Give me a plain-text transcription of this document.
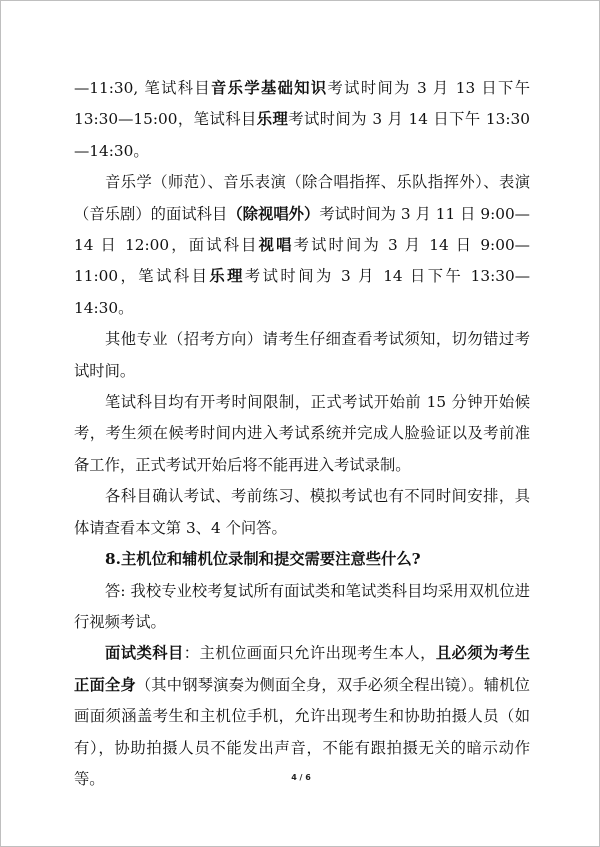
—11:30, 笔试科目音乐学基础知识考试时间为 3 月 13 日下午 13:30—15:00，笔试科目乐理考试时间为 3 月 14 日下午 13:30—14:30。

音乐学（师范）、音乐表演（除合唱指挥、乐队指挥外）、表演（音乐剧）的面试科目（除视唱外）考试时间为 3 月 11 日 9:00—14 日 12:00，面试科目视唱考试时间为 3 月 14 日 9:00—11:00，笔试科目乐理考试时间为 3 月 14 日下午 13:30—14:30。

其他专业（招考方向）请考生仔细查看考试须知，切勿错过考试时间。

笔试科目均有开考时间限制，正式考试开始前 15 分钟开始候考，考生须在候考时间内进入考试系统并完成人脸验证以及考前准备工作，正式考试开始后将不能再进入考试录制。

各科目确认考试、考前练习、模拟考试也有不同时间安排，具体请查看本文第 3、4 个问答。

8.主机位和辅机位录制和提交需要注意些什么?

答: 我校专业校考复试所有面试类和笔试类科目均采用双机位进行视频考试。

面试类科目：主机位画面只允许出现考生本人，且必须为考生正面全身（其中钢琴演奏为侧面全身，双手必须全程出镜）。辅机位画面须涵盖考生和主机位手机，允许出现考生和协助拍摄人员（如有），协助拍摄人员不能发出声音，不能有跟拍摄无关的暗示动作等。	4 / 6
